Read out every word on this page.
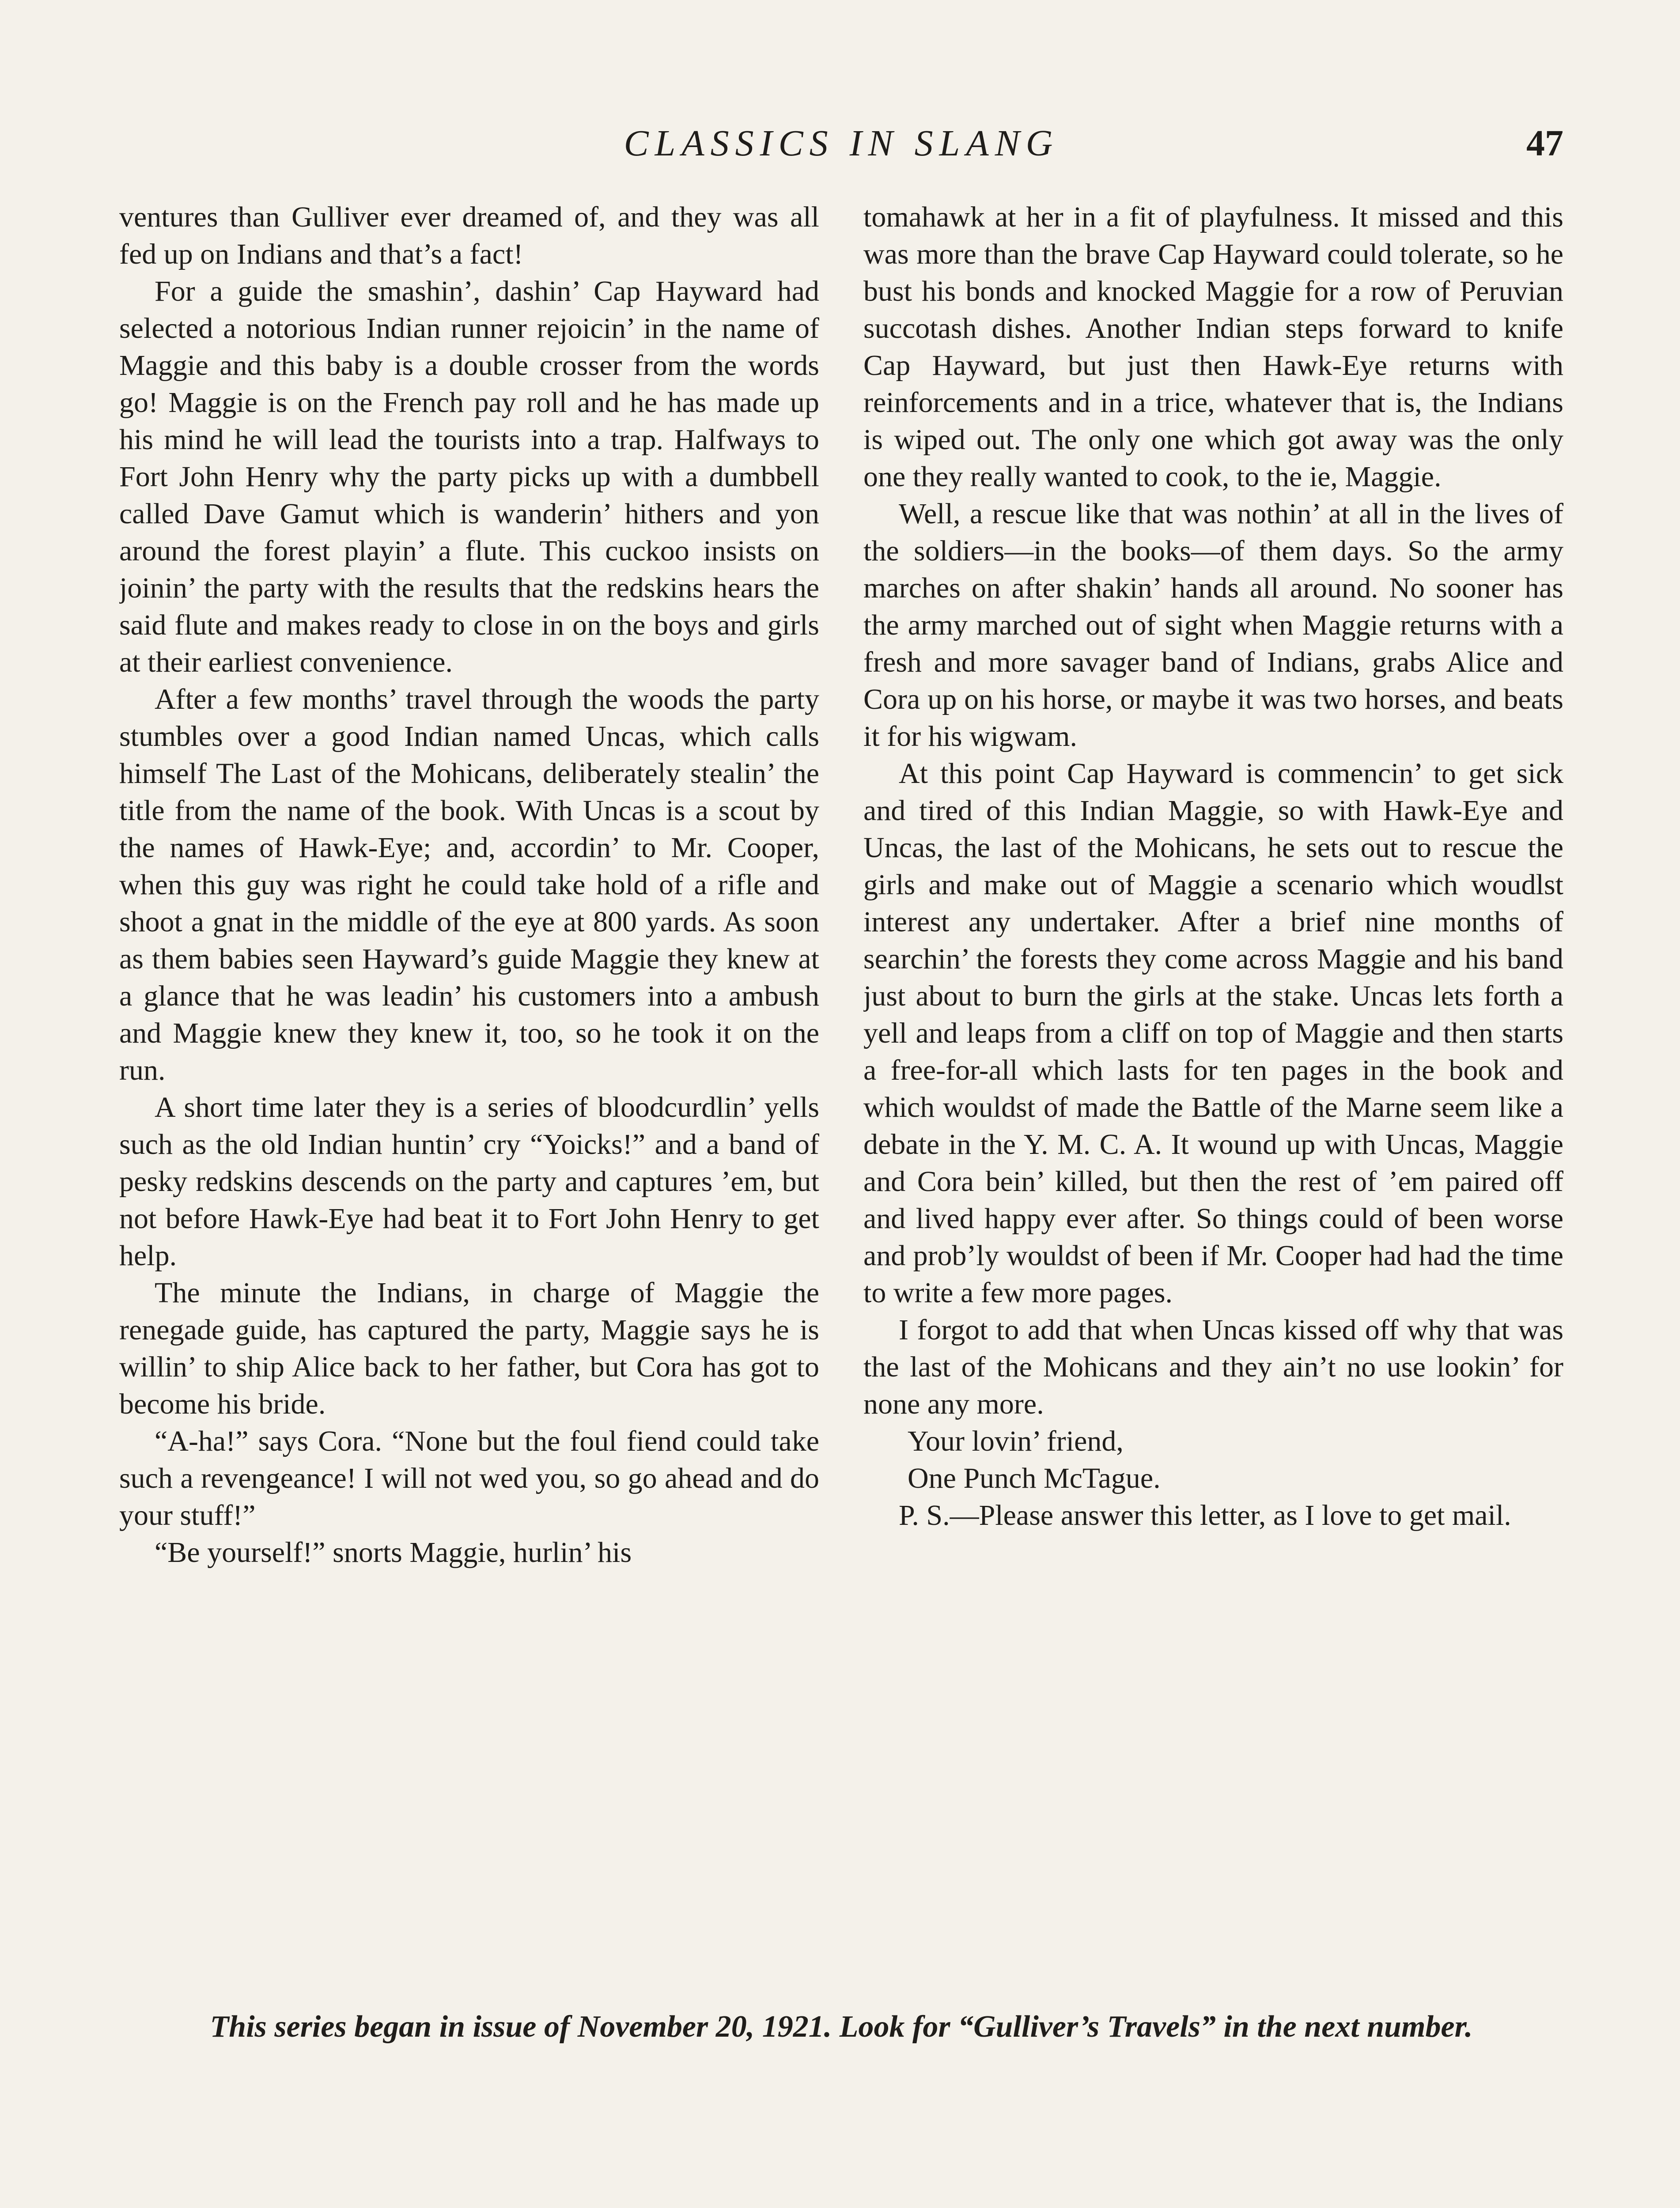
CLASSICS IN SLANG	47

ventures than Gulliver ever dreamed of, and they was all fed up on Indians and that’s a fact!

For a guide the smashin’, dashin’ Cap Hayward had selected a notorious Indian runner rejoicin’ in the name of Maggie and this baby is a double crosser from the words go! Maggie is on the French pay roll and he has made up his mind he will lead the tourists into a trap. Halfways to Fort John Henry why the party picks up with a dumbbell called Dave Gamut which is wanderin’ hithers and yon around the forest playin’ a flute. This cuckoo insists on joinin’ the party with the results that the redskins hears the said flute and makes ready to close in on the boys and girls at their earliest convenience.

After a few months’ travel through the woods the party stumbles over a good Indian named Uncas, which calls himself The Last of the Mohicans, deliberately stealin’ the title from the name of the book. With Uncas is a scout by the names of Hawk-Eye; and, accordin’ to Mr. Cooper, when this guy was right he could take hold of a rifle and shoot a gnat in the middle of the eye at 800 yards. As soon as them babies seen Hayward’s guide Maggie they knew at a glance that he was leadin’ his customers into a ambush and Maggie knew they knew it, too, so he took it on the run.

A short time later they is a series of bloodcurdlin’ yells such as the old Indian huntin’ cry “Yoicks!” and a band of pesky redskins descends on the party and captures ’em, but not before Hawk-Eye had beat it to Fort John Henry to get help.

The minute the Indians, in charge of Maggie the renegade guide, has captured the party, Maggie says he is willin’ to ship Alice back to her father, but Cora has got to become his bride.

“A-ha!” says Cora. “None but the foul fiend could take such a revengeance! I will not wed you, so go ahead and do your stuff!”

“Be yourself!” snorts Maggie, hurlin’ his

tomahawk at her in a fit of playfulness. It missed and this was more than the brave Cap Hayward could tolerate, so he bust his bonds and knocked Maggie for a row of Peruvian succotash dishes. Another Indian steps forward to knife Cap Hayward, but just then Hawk-Eye returns with reinforcements and in a trice, whatever that is, the Indians is wiped out. The only one which got away was the only one they really wanted to cook, to the ie, Maggie.

Well, a rescue like that was nothin’ at all in the lives of the soldiers—in the books—of them days. So the army marches on after shakin’ hands all around. No sooner has the army marched out of sight when Maggie returns with a fresh and more savager band of Indians, grabs Alice and Cora up on his horse, or maybe it was two horses, and beats it for his wigwam.

At this point Cap Hayward is commencin’ to get sick and tired of this Indian Maggie, so with Hawk-Eye and Uncas, the last of the Mohicans, he sets out to rescue the girls and make out of Maggie a scenario which woudlst interest any undertaker. After a brief nine months of searchin’ the forests they come across Maggie and his band just about to burn the girls at the stake. Uncas lets forth a yell and leaps from a cliff on top of Maggie and then starts a free-for-all which lasts for ten pages in the book and which wouldst of made the Battle of the Marne seem like a debate in the Y. M. C. A. It wound up with Uncas, Maggie and Cora bein’ killed, but then the rest of ’em paired off and lived happy ever after. So things could of been worse and prob’ly wouldst of been if Mr. Cooper had had the time to write a few more pages.

I forgot to add that when Uncas kissed off why that was the last of the Mohicans and they ain’t no use lookin’ for none any more.

Your lovin’ friend,

One Punch McTague.

P. S.—Please answer this letter, as I love to get mail.

This series began in issue of November 20, 1921. Look for “Gulliver’s Travels” in the next number.
